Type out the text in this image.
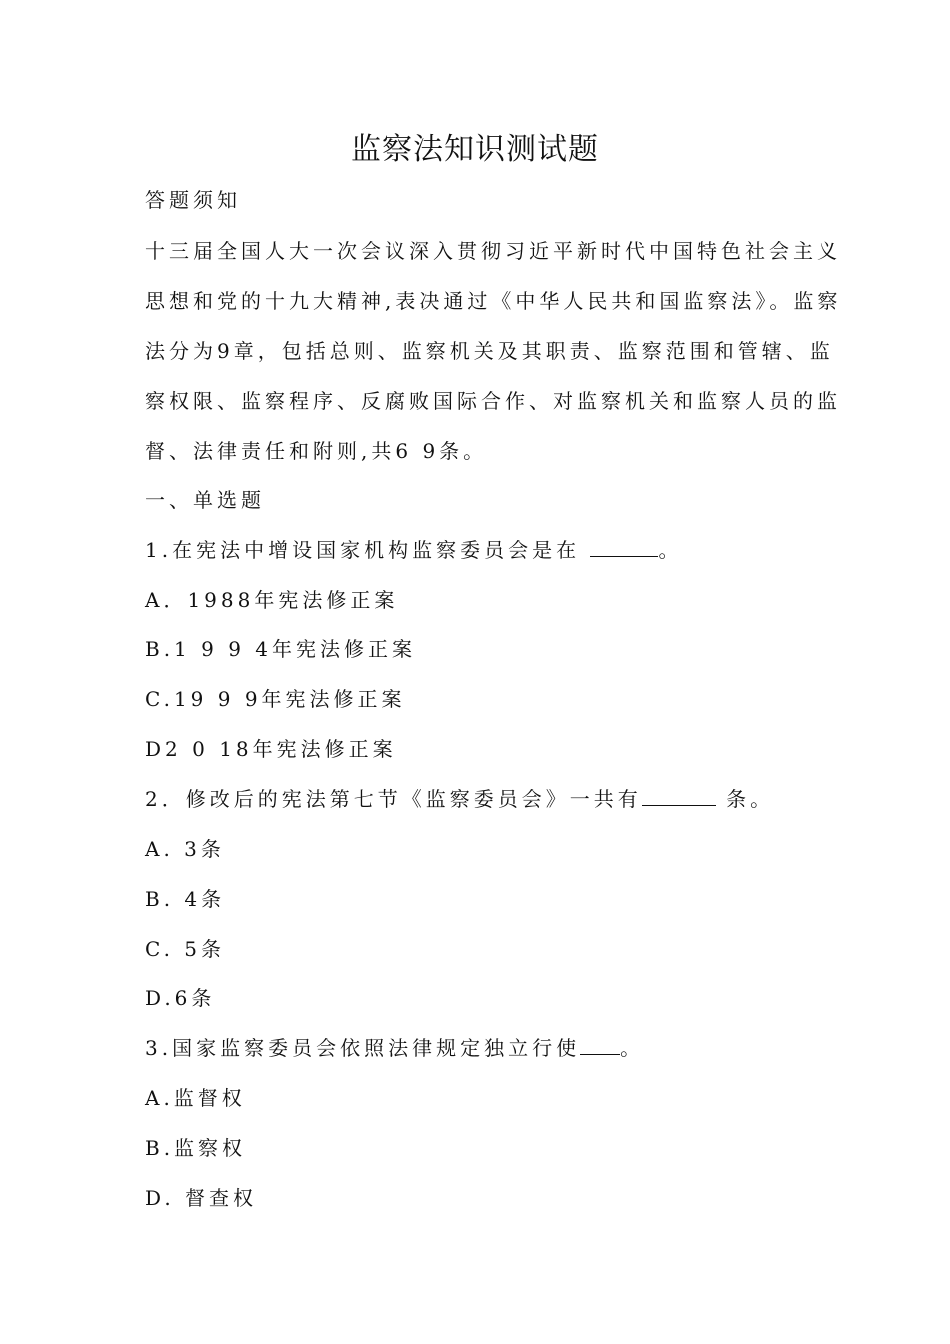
监察法知识测试题
答题须知
十三届全国人大一次会议深入贯彻习近平新时代中国特色社会主义
思想和党的十九大精神,表决通过《中华人民共和国监察法》。监察
法分为9章，包括总则、监察机关及其职责、监察范围和管辖、监
察权限、监察程序、反腐败国际合作、对监察机关和监察人员的监
督、法律责任和附则,共6 9条。
一、单选题
1.在宪法中增设国家机构监察委员会是在	。
A．1988年宪法修正案
B.1 9 9 4年宪法修正案
C.19 9 9年宪法修正案
D2 0 18年宪法修正案
2．修改后的宪法第七节《监察委员会》一共有	条。
A. 3条
B. 4条
C. 5条
D.6条
3.国家监察委员会依照法律规定独立行使 。
A.监督权
B.监察权
D. 督查权
